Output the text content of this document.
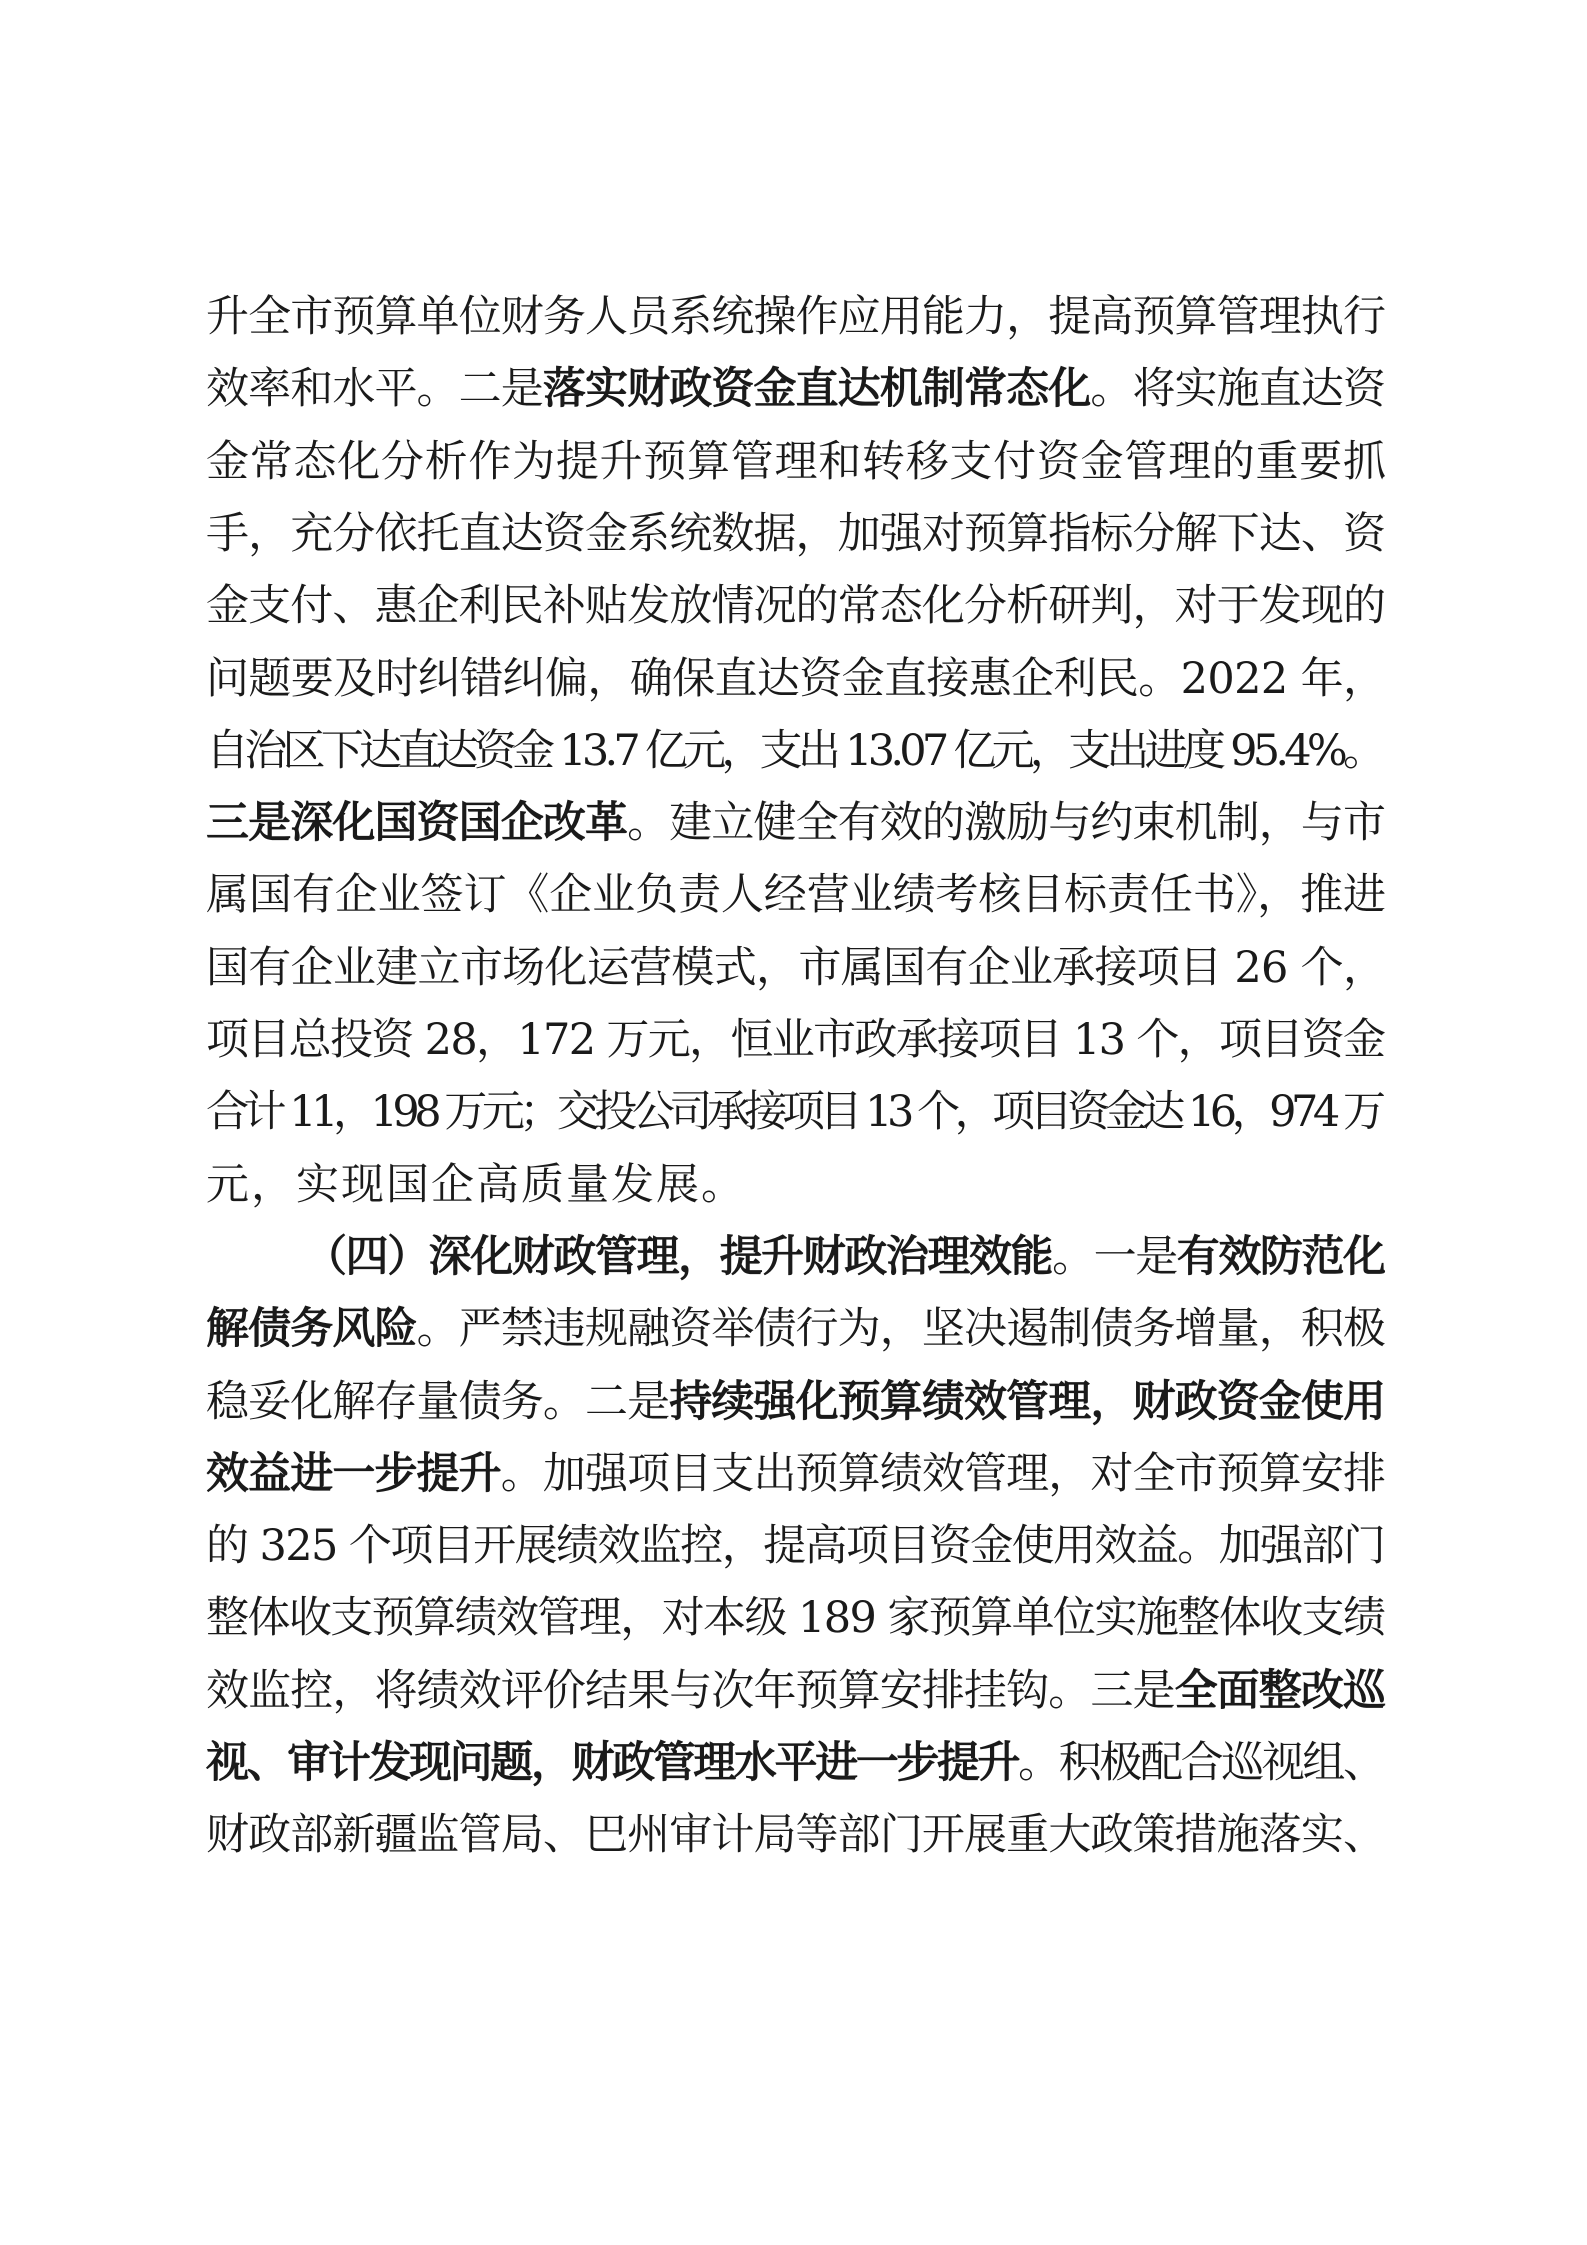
升全市预算单位财务人员系统操作应用能力，提高预算管理执行
效率和水平。二是落实财政资金直达机制常态化。将实施直达资
金常态化分析作为提升预算管理和转移支付资金管理的重要抓
手，充分依托直达资金系统数据，加强对预算指标分解下达、资
金支付、惠企利民补贴发放情况的常态化分析研判，对于发现的
问题要及时纠错纠偏，确保直达资金直接惠企利民。2022 年，
自治区下达直达资金 13.7 亿元，支出 13.07 亿元，支出进度 95.4%。
三是深化国资国企改革。建立健全有效的激励与约束机制，与市
属国有企业签订《企业负责人经营业绩考核目标责任书》，推进
国有企业建立市场化运营模式，市属国有企业承接项目 26 个，
项目总投资 28，172 万元，恒业市政承接项目 13 个，项目资金
合计 11，198 万元；交投公司承接项目 13 个，项目资金达 16，974 万
元，实现国企高质量发展。
（四）深化财政管理，提升财政治理效能。一是有效防范化
解债务风险。严禁违规融资举债行为，坚决遏制债务增量，积极
稳妥化解存量债务。二是持续强化预算绩效管理，财政资金使用
效益进一步提升。加强项目支出预算绩效管理，对全市预算安排
的 325 个项目开展绩效监控，提高项目资金使用效益。加强部门
整体收支预算绩效管理，对本级 189 家预算单位实施整体收支绩
效监控，将绩效评价结果与次年预算安排挂钩。三是全面整改巡
视、审计发现问题，财政管理水平进一步提升。积极配合巡视组、
财政部新疆监管局、巴州审计局等部门开展重大政策措施落实、
